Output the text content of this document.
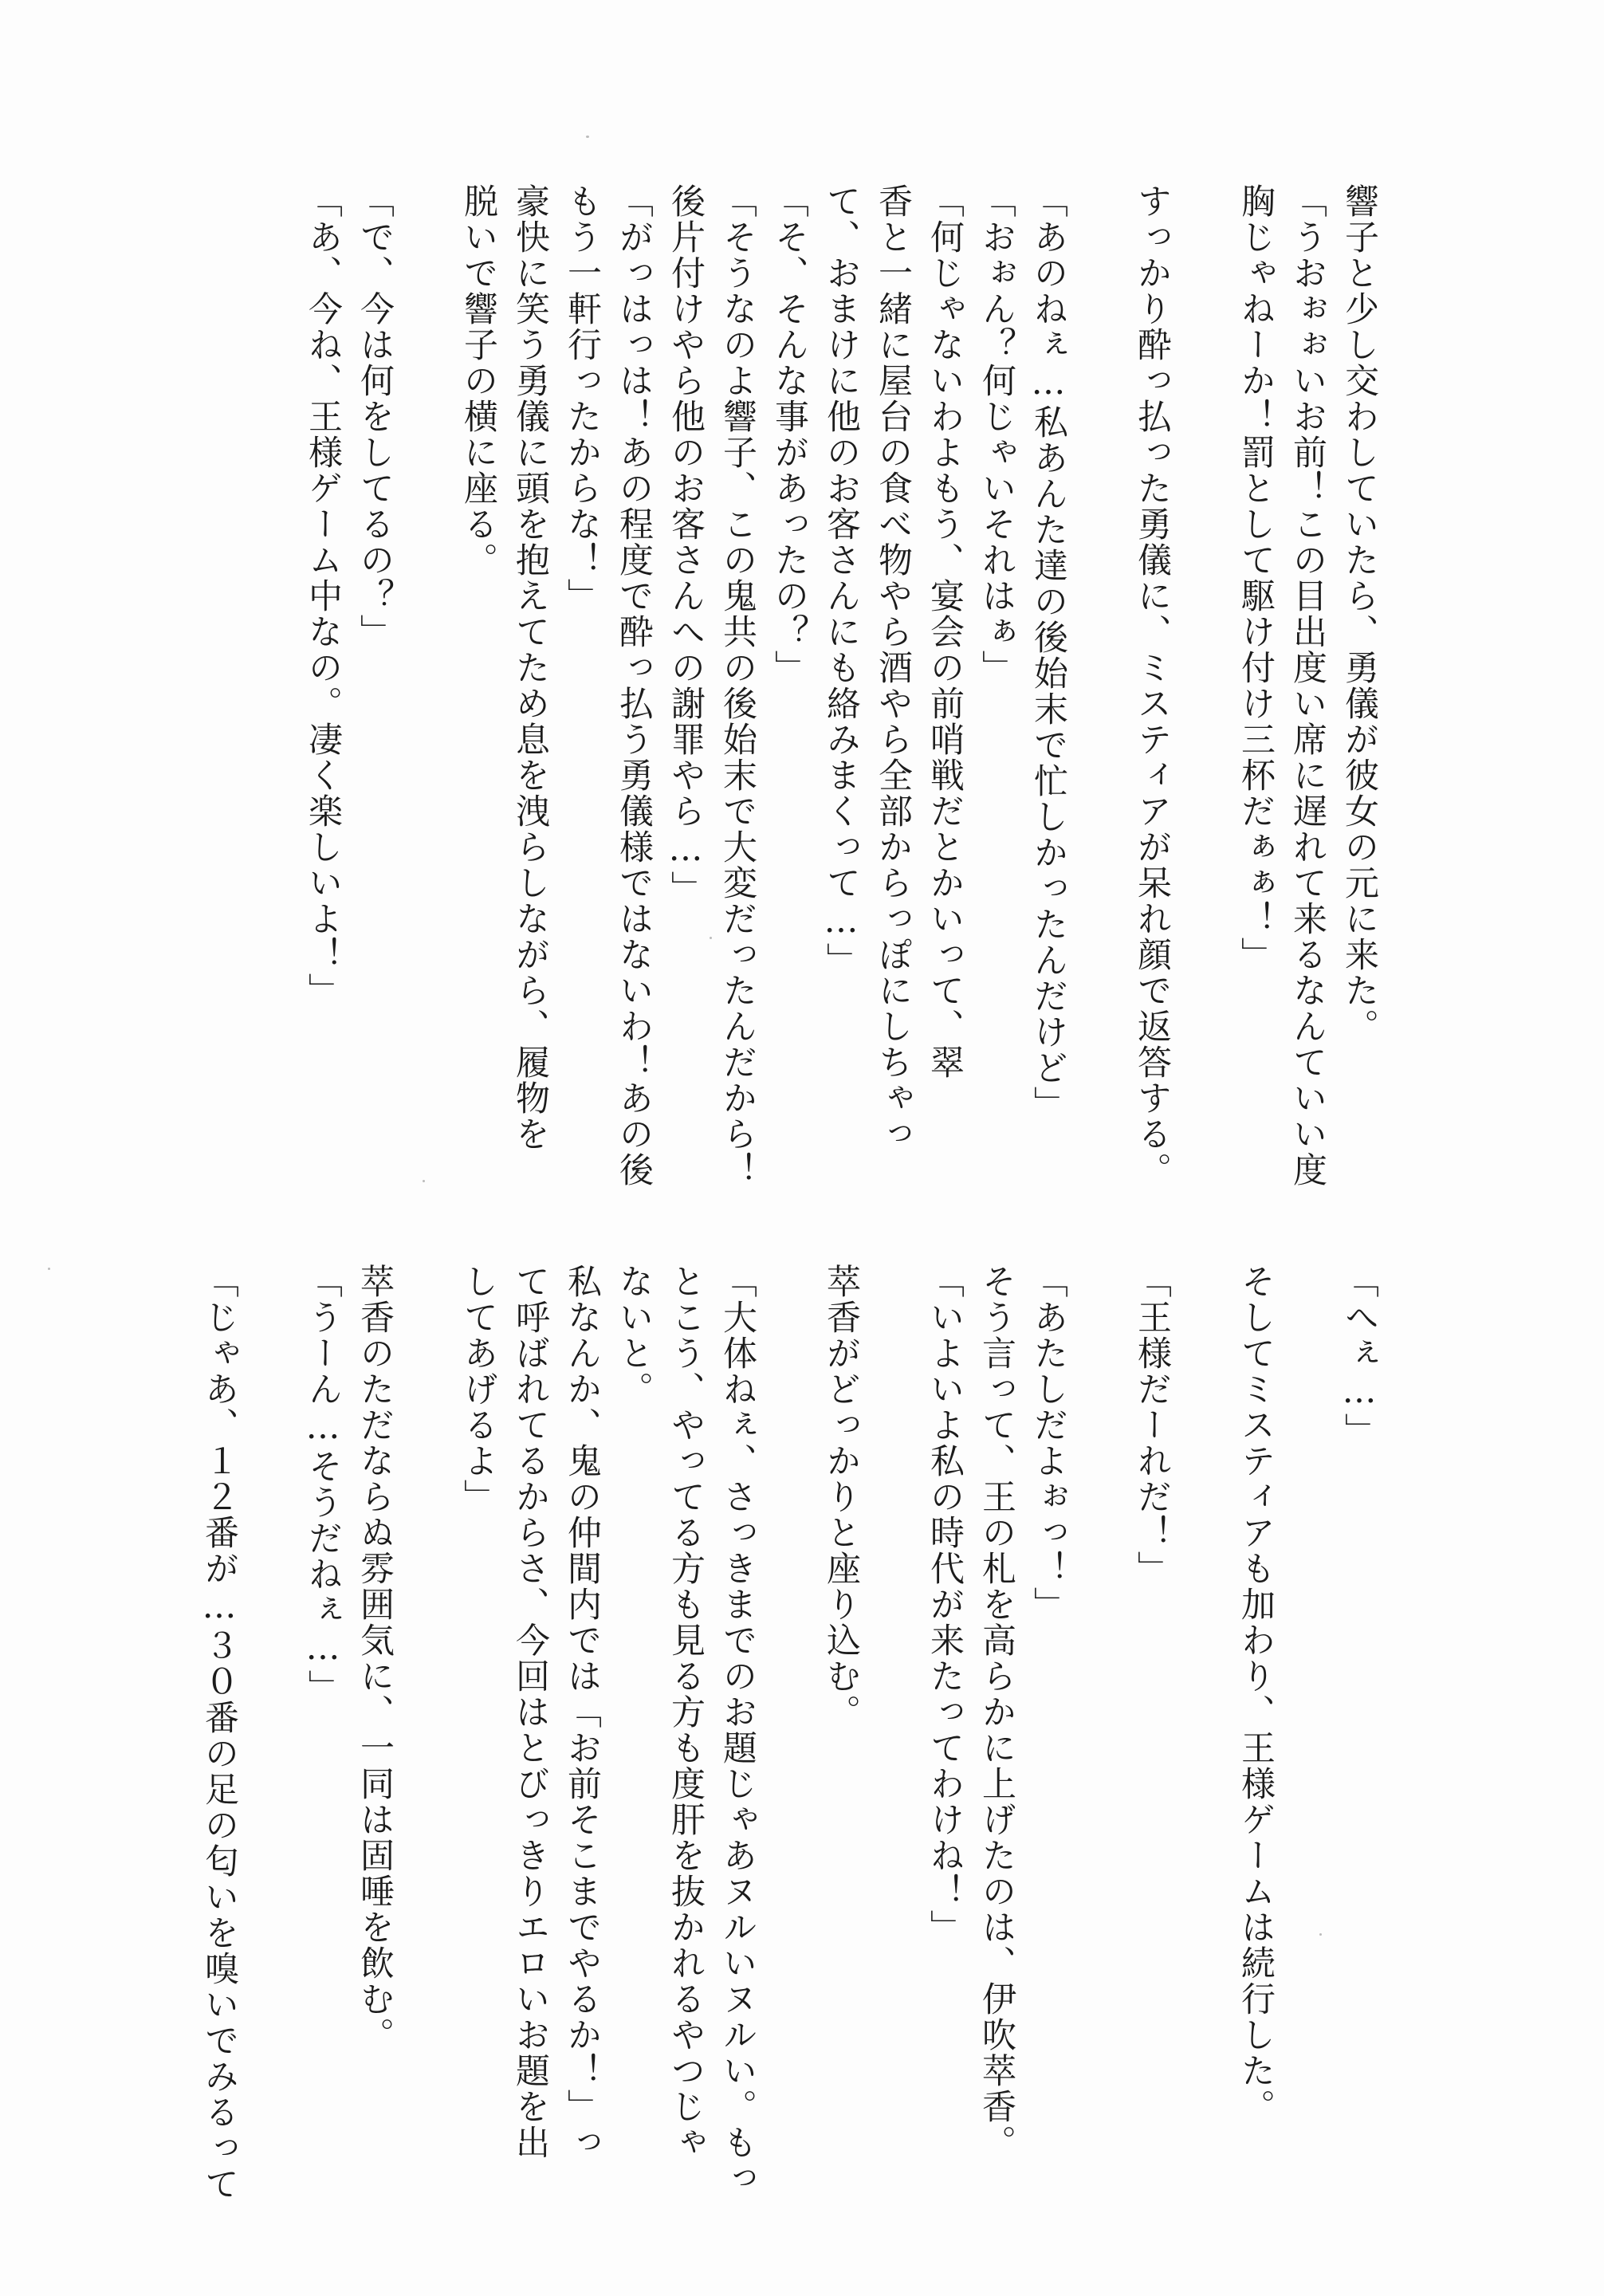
響子と少し交わしていたら、勇儀が彼女の元に来た。
「うおぉぉいお前！この目出度い席に遅れて来るなんていい度
胸じゃねーか！罰として駆け付け三杯だぁぁ！」
すっかり酔っ払った勇儀に、ミスティアが呆れ顔で返答する。
「あのねぇ…私あんた達の後始末で忙しかったんだけど」
「おぉん？何じゃいそれはぁ」
「何じゃないわよもう、宴会の前哨戦だとかいって、翠
香と一緒に屋台の食べ物やら酒やら全部からっぽにしちゃっ
て、おまけに他のお客さんにも絡みまくって…」
「そ、そんな事があったの？」
「そうなのよ響子、この鬼共の後始末で大変だったんだから！
後片付けやら他のお客さんへの謝罪やら…」
「がっはっは！あの程度で酔っ払う勇儀様ではないわ！あの後
もう一軒行ったからな！」
豪快に笑う勇儀に頭を抱えてため息を洩らしながら、履物を
脱いで響子の横に座る。
「で、今は何をしてるの？」
「あ、今ね、王様ゲーム中なの。凄く楽しいよ！」
「へぇ…」
そしてミスティアも加わり、王様ゲームは続行した。
「王様だーれだ！」
「あたしだよぉっ！」
そう言って、王の札を高らかに上げたのは、伊吹萃香。
「いよいよ私の時代が来たってわけね！」
萃香がどっかりと座り込む。
「大体ねぇ、さっきまでのお題じゃあヌルいヌルい。もっ
とこう、やってる方も見る方も度肝を抜かれるやつじゃ
ないと。
私なんか、鬼の仲間内では「お前そこまでやるか！」っ
て呼ばれてるからさ、今回はとびっきりエロいお題を出
してあげるよ」
萃香のただならぬ雰囲気に、一同は固唾を飲む。
「うーん…そうだねぇ…」
「じゃあ、１２番が…３０番の足の匂いを嗅いでみるって
